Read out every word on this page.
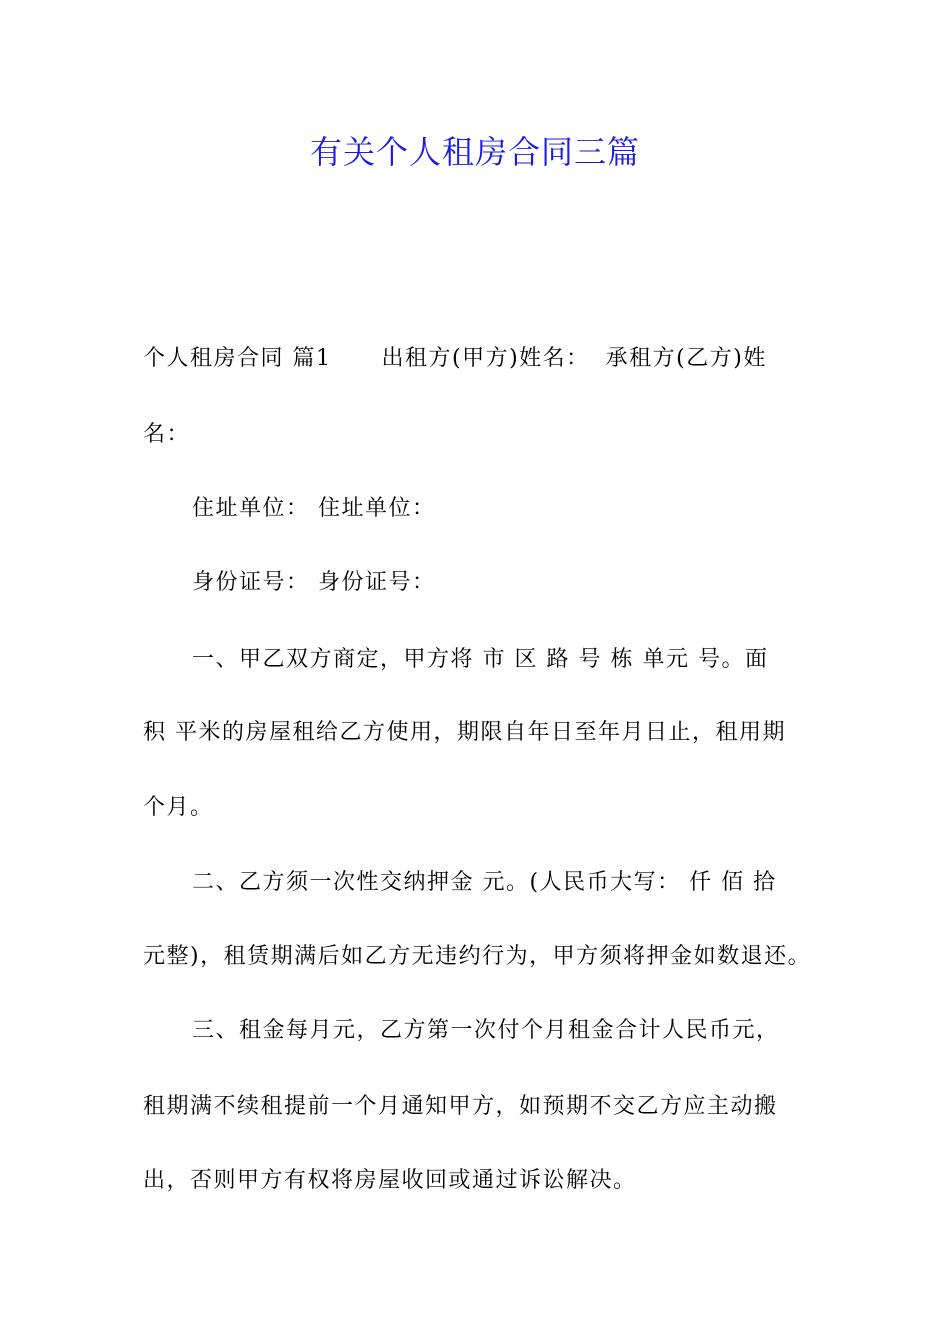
有关个人租房合同三篇
个人租房合同 篇1 出租方(甲方)姓名： 承租方(乙方)姓
名：
住址单位： 住址单位：
身份证号： 身份证号：
一、甲乙双方商定，甲方将 市 区 路 号 栋 单元 号。面
积 平米的房屋租给乙方使用，期限自年日至年月日止，租用期
个月。
二、乙方须一次性交纳押金 元。(人民币大写： 仟 佰 拾
元整)，租赁期满后如乙方无违约行为，甲方须将押金如数退还。
三、租金每月元，乙方第一次付个月租金合计人民币元，
租期满不续租提前一个月通知甲方，如预期不交乙方应主动搬
出，否则甲方有权将房屋收回或通过诉讼解决。
